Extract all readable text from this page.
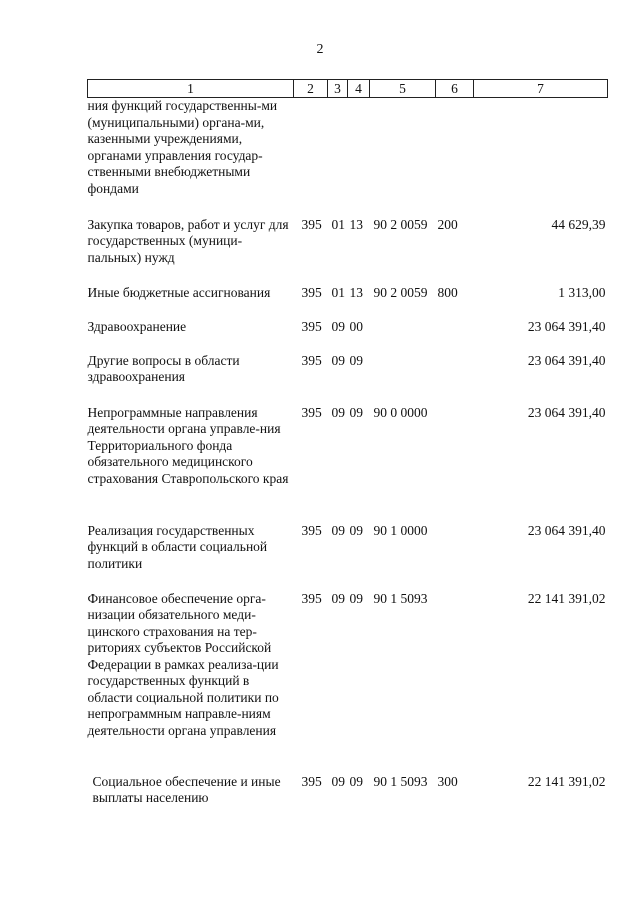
2
1	2	3	4	5	6	7
ния функций государственны-ми (муниципальными) органа-ми, казенными учреждениями, органами управления государ-ственными внебюджетными фондами						
Закупка товаров, работ и услуг для государственных (муници-пальных) нужд	395	01	13	90 2 0059	200	44 629,39
Иные бюджетные ассигнования	395	01	13	90 2 0059	800	1 313,00
Здравоохранение	395	09	00			23 064 391,40
Другие вопросы в области здравоохранения	395	09	09			23 064 391,40
Непрограммные направления деятельности органа управле-ния Территориального фонда обязательного медицинского страхования Ставропольского края	395	09	09	90 0 0000		23 064 391,40
Реализация государственных функций в области социальной политики	395	09	09	90 1 0000		23 064 391,40
Финансовое обеспечение орга-низации обязательного меди-цинского страхования на тер-риториях субъектов Российской Федерации в рамках реализа-ции государственных функций в области социальной политики по непрограммным направле-ниям деятельности органа управления	395	09	09	90 1 5093		22 141 391,02
Социальное обеспечение и иные выплаты населению	395	09	09	90 1 5093	300	22 141 391,02
